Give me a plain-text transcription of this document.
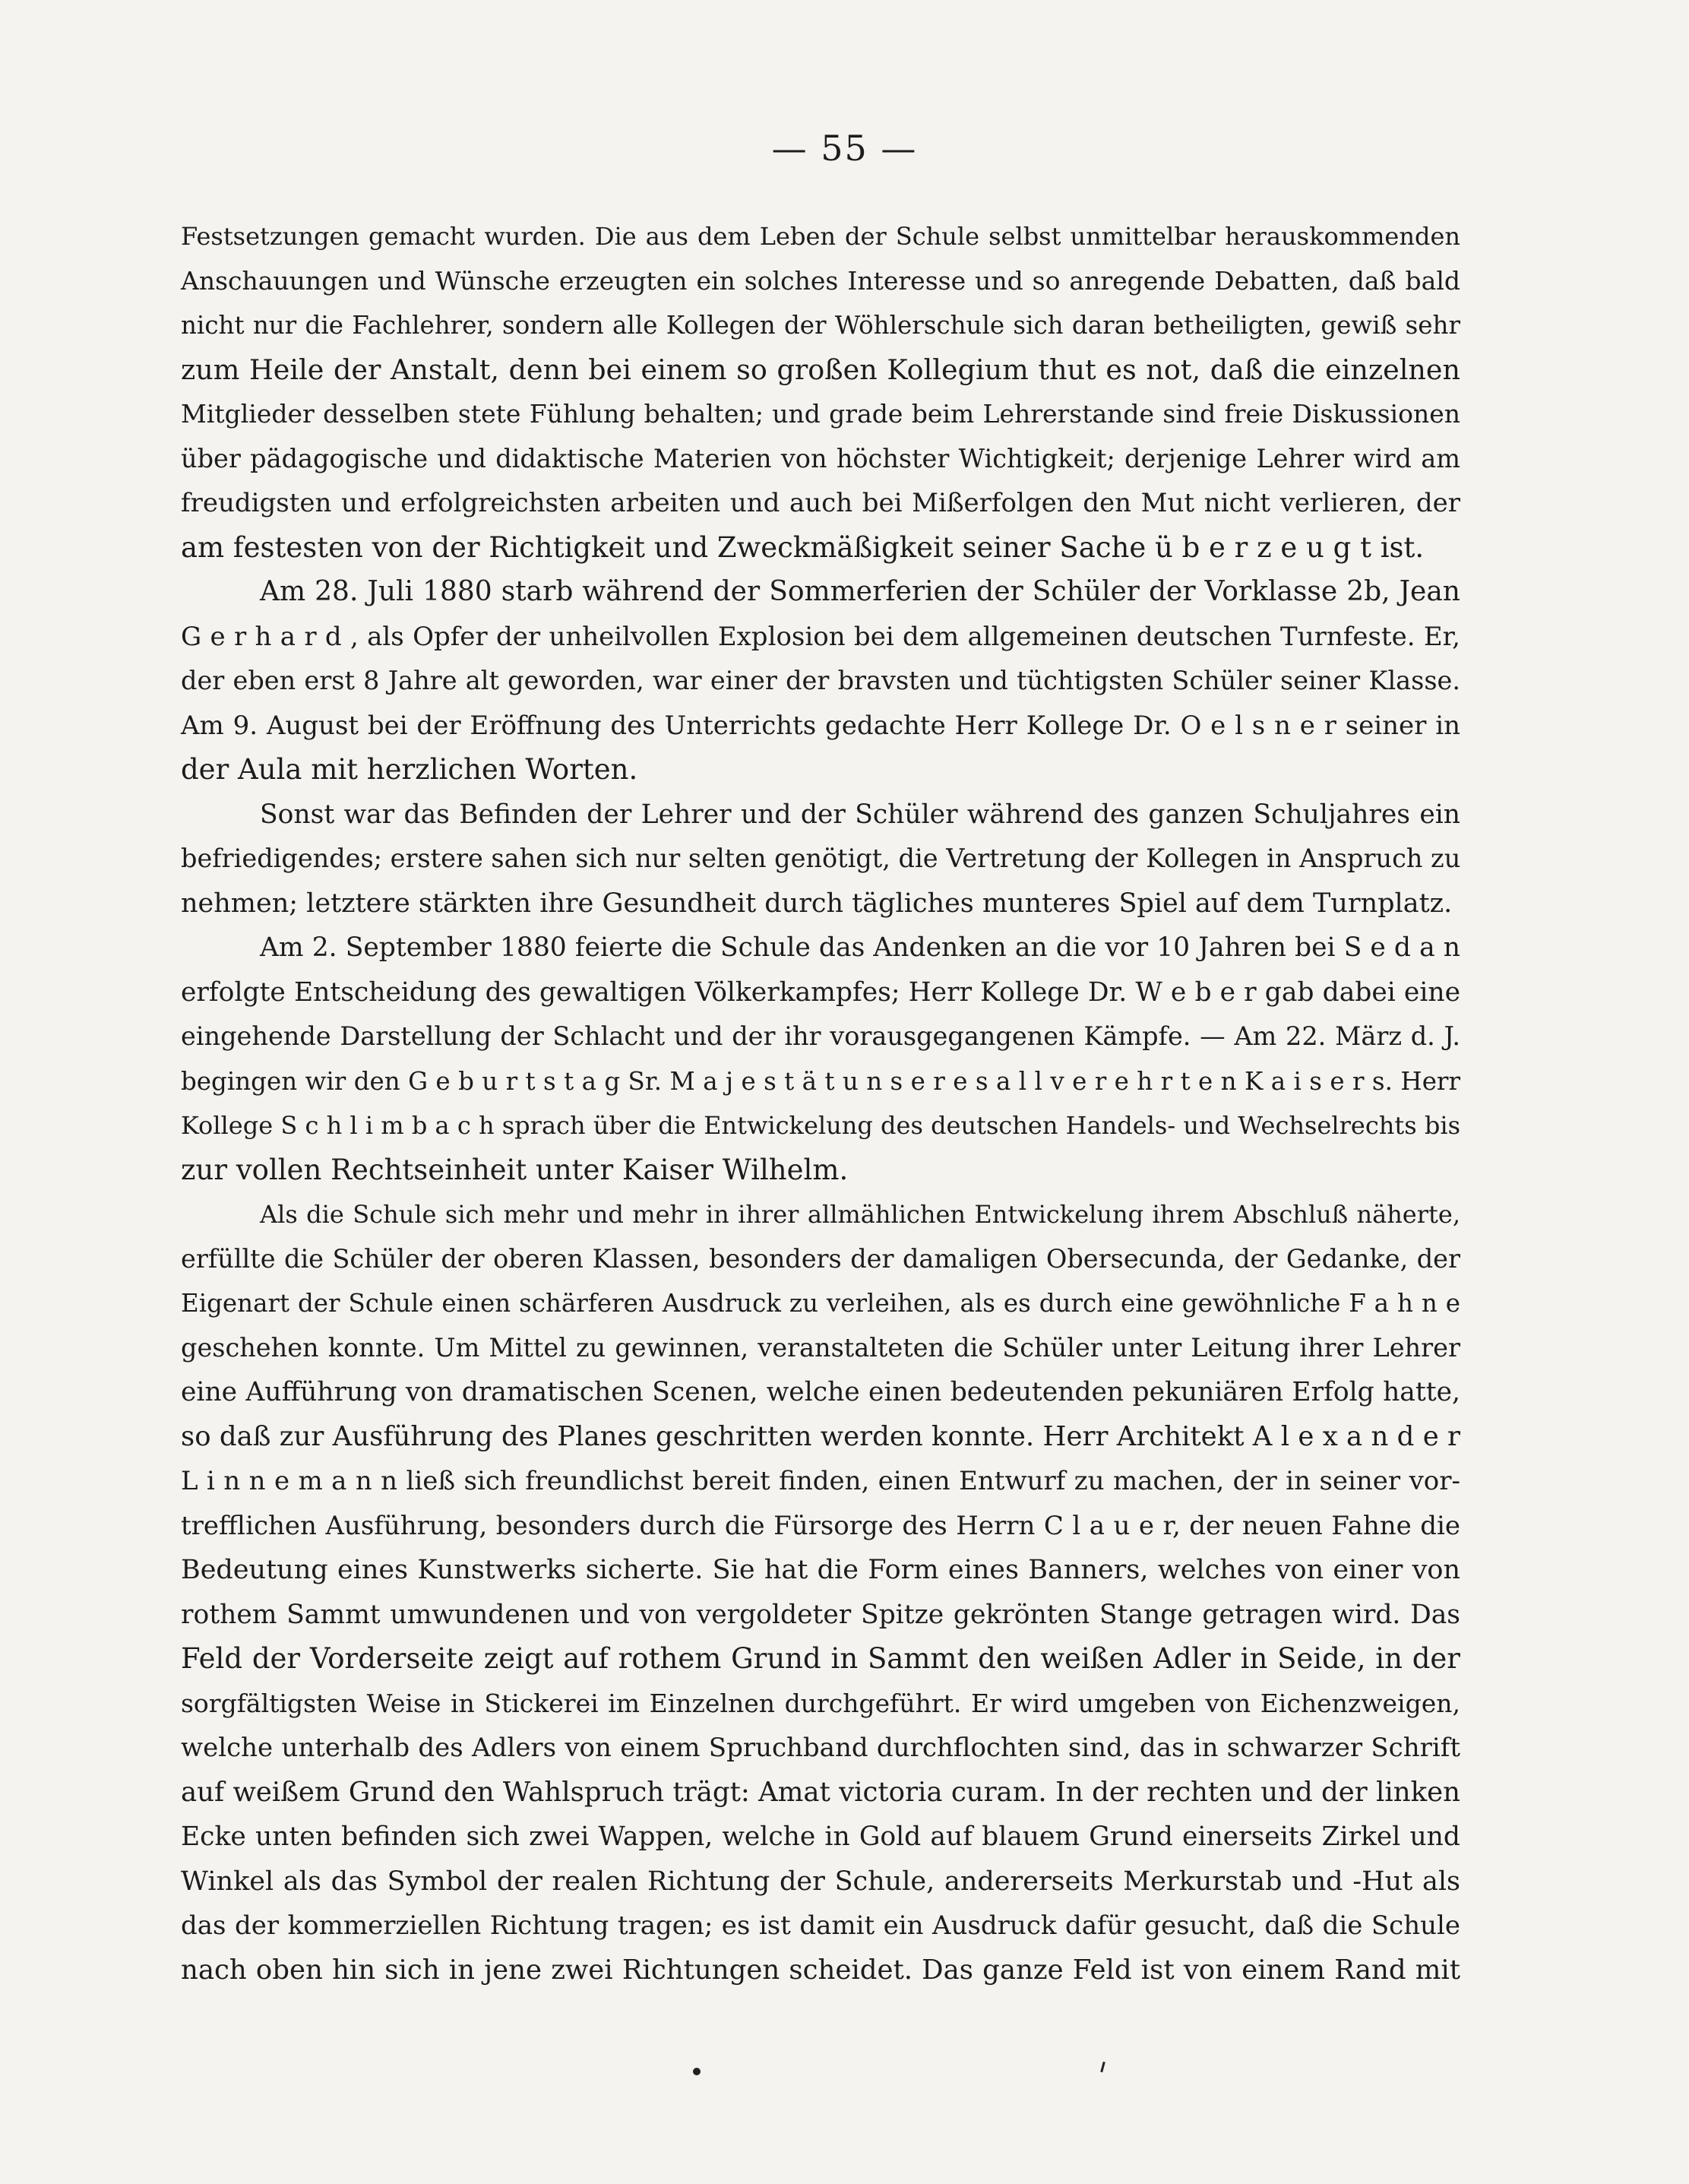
— 55 —
Festsetzungen gemacht wurden. Die aus dem Leben der Schule selbst unmittelbar herauskommenden
Anschauungen und Wünsche erzeugten ein solches Interesse und so anregende Debatten, daß bald
nicht nur die Fachlehrer, sondern alle Kollegen der Wöhlerschule sich daran betheiligten, gewiß sehr
zum Heile der Anstalt, denn bei einem so großen Kollegium thut es not, daß die einzelnen
Mitglieder desselben stete Fühlung behalten; und grade beim Lehrerstande sind freie Diskussionen
über pädagogische und didaktische Materien von höchster Wichtigkeit; derjenige Lehrer wird am
freudigsten und erfolgreichsten arbeiten und auch bei Mißerfolgen den Mut nicht verlieren, der
am festesten von der Richtigkeit und Zweckmäßigkeit seiner Sache ü b e r z e u g t ist.
Am 28. Juli 1880 starb während der Sommerferien der Schüler der Vorklasse 2b, Jean
G e r h a r d , als Opfer der unheilvollen Explosion bei dem allgemeinen deutschen Turnfeste. Er,
der eben erst 8 Jahre alt geworden, war einer der bravsten und tüchtigsten Schüler seiner Klasse.
Am 9. August bei der Eröffnung des Unterrichts gedachte Herr Kollege Dr. O e l s n e r seiner in
der Aula mit herzlichen Worten.
Sonst war das Befinden der Lehrer und der Schüler während des ganzen Schuljahres ein
befriedigendes; erstere sahen sich nur selten genötigt, die Vertretung der Kollegen in Anspruch zu
nehmen; letztere stärkten ihre Gesundheit durch tägliches munteres Spiel auf dem Turnplatz.
Am 2. September 1880 feierte die Schule das Andenken an die vor 10 Jahren bei S e d a n
erfolgte Entscheidung des gewaltigen Völkerkampfes; Herr Kollege Dr. W e b e r gab dabei eine
eingehende Darstellung der Schlacht und der ihr vorausgegangenen Kämpfe. — Am 22. März d. J.
begingen wir den G e b u r t s t a g Sr. M a j e s t ä t u n s e r e s a l l v e r e h r t e n K a i s e r s. Herr
Kollege S c h l i m b a c h sprach über die Entwickelung des deutschen Handels- und Wechselrechts bis
zur vollen Rechtseinheit unter Kaiser Wilhelm.
Als die Schule sich mehr und mehr in ihrer allmählichen Entwickelung ihrem Abschluß näherte,
erfüllte die Schüler der oberen Klassen, besonders der damaligen Obersecunda, der Gedanke, der
Eigenart der Schule einen schärferen Ausdruck zu verleihen, als es durch eine gewöhnliche F a h n e
geschehen konnte. Um Mittel zu gewinnen, veranstalteten die Schüler unter Leitung ihrer Lehrer
eine Aufführung von dramatischen Scenen, welche einen bedeutenden pekuniären Erfolg hatte,
so daß zur Ausführung des Planes geschritten werden konnte. Herr Architekt A l e x a n d e r
L i n n e m a n n ließ sich freundlichst bereit finden, einen Entwurf zu machen, der in seiner vor-
trefflichen Ausführung, besonders durch die Fürsorge des Herrn C l a u e r, der neuen Fahne die
Bedeutung eines Kunstwerks sicherte. Sie hat die Form eines Banners, welches von einer von
rothem Sammt umwundenen und von vergoldeter Spitze gekrönten Stange getragen wird. Das
Feld der Vorderseite zeigt auf rothem Grund in Sammt den weißen Adler in Seide, in der
sorgfältigsten Weise in Stickerei im Einzelnen durchgeführt. Er wird umgeben von Eichenzweigen,
welche unterhalb des Adlers von einem Spruchband durchflochten sind, das in schwarzer Schrift
auf weißem Grund den Wahlspruch trägt: Amat victoria curam. In der rechten und der linken
Ecke unten befinden sich zwei Wappen, welche in Gold auf blauem Grund einerseits Zirkel und
Winkel als das Symbol der realen Richtung der Schule, andererseits Merkurstab und -Hut als
das der kommerziellen Richtung tragen; es ist damit ein Ausdruck dafür gesucht, daß die Schule
nach oben hin sich in jene zwei Richtungen scheidet. Das ganze Feld ist von einem Rand mit
